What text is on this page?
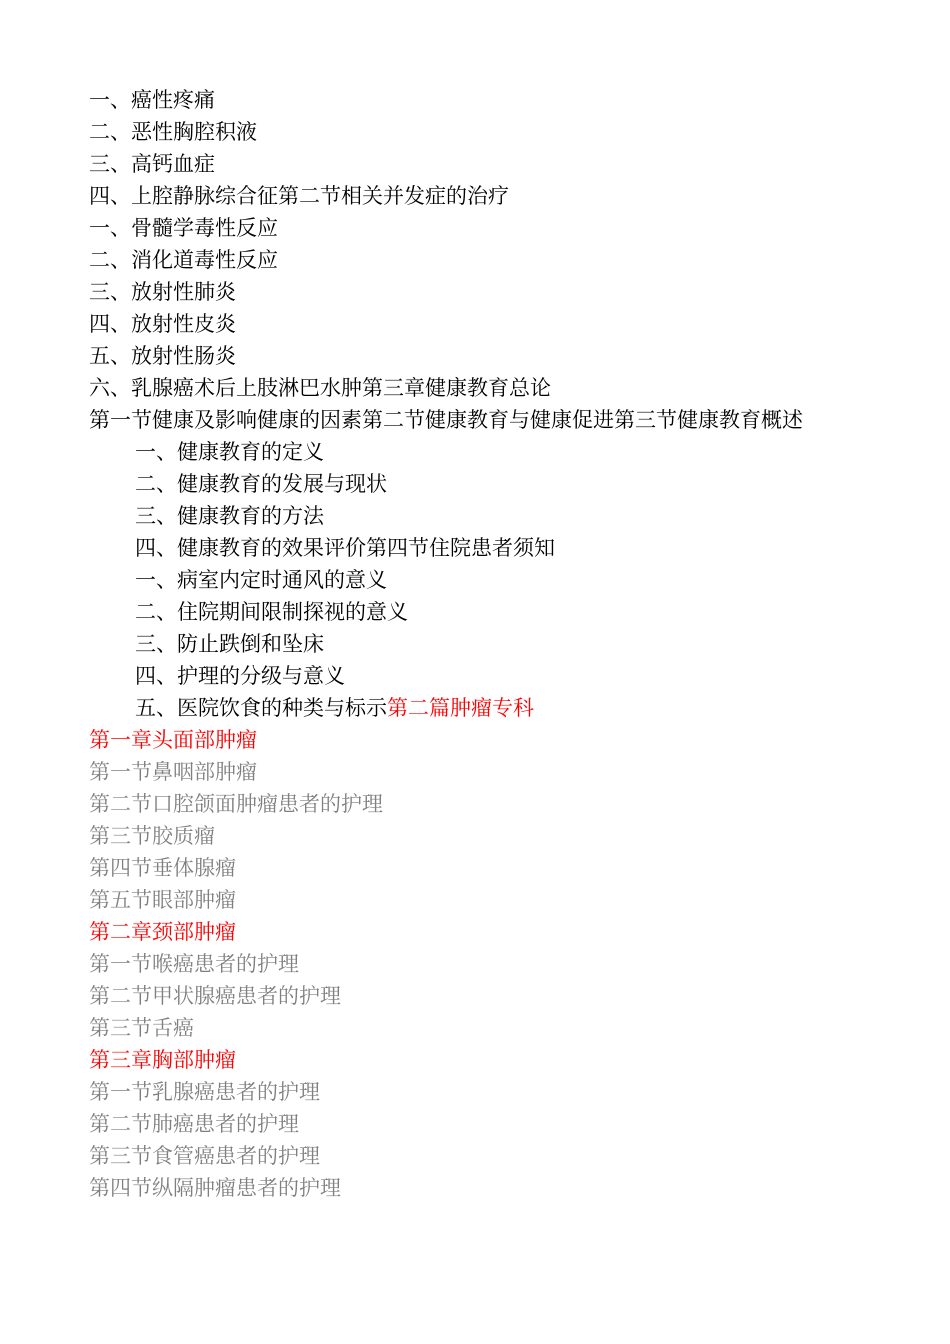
一、癌性疼痛
二、恶性胸腔积液
三、高钙血症
四、上腔静脉综合征第二节相关并发症的治疗
一、骨髓学毒性反应
二、消化道毒性反应
三、放射性肺炎
四、放射性皮炎
五、放射性肠炎
六、乳腺癌术后上肢淋巴水肿第三章健康教育总论
第一节健康及影响健康的因素第二节健康教育与健康促进第三节健康教育概述
一、健康教育的定义
二、健康教育的发展与现状
三、健康教育的方法
四、健康教育的效果评价第四节住院患者须知
一、病室内定时通风的意义
二、住院期间限制探视的意义
三、防止跌倒和坠床
四、护理的分级与意义
五、医院饮食的种类与标示第二篇肿瘤专科
第一章头面部肿瘤
第一节鼻咽部肿瘤
第二节口腔颌面肿瘤患者的护理
第三节胶质瘤
第四节垂体腺瘤
第五节眼部肿瘤
第二章颈部肿瘤
第一节喉癌患者的护理
第二节甲状腺癌患者的护理
第三节舌癌
第三章胸部肿瘤
第一节乳腺癌患者的护理
第二节肺癌患者的护理
第三节食管癌患者的护理
第四节纵隔肿瘤患者的护理
